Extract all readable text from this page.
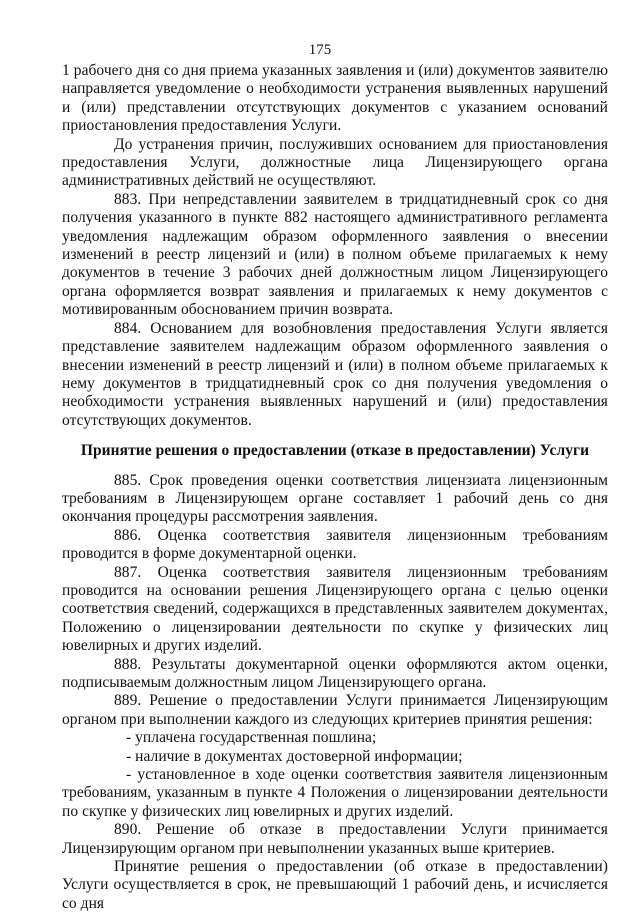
175

1 рабочего дня со дня приема указанных заявления и (или) документов заявителю направляется уведомление о необходимости устранения выявленных нарушений и (или) представлении отсутствующих документов с указанием оснований приостановления предоставления Услуги.

До устранения причин, послуживших основанием для приостановления предоставления Услуги, должностные лица Лицензирующего органа административных действий не осуществляют.

883. При непредставлении заявителем в тридцатидневный срок со дня получения указанного в пункте 882 настоящего административного регламента уведомления надлежащим образом оформленного заявления о внесении изменений в реестр лицензий и (или) в полном объеме прилагаемых к нему документов в течение 3 рабочих дней должностным лицом Лицензирующего органа оформляется возврат заявления и прилагаемых к нему документов с мотивированным обоснованием причин возврата.

884. Основанием для возобновления предоставления Услуги является представление заявителем надлежащим образом оформленного заявления о внесении изменений в реестр лицензий и (или) в полном объеме прилагаемых к нему документов в тридцатидневный срок со дня получения уведомления о необходимости устранения выявленных нарушений и (или) предоставления отсутствующих документов.

Принятие решения о предоставлении (отказе в предоставлении) Услуги

885. Срок проведения оценки соответствия лицензиата лицензионным требованиям в Лицензирующем органе составляет 1 рабочий день со дня окончания процедуры рассмотрения заявления.

886. Оценка соответствия заявителя лицензионным требованиям проводится в форме документарной оценки.

887. Оценка соответствия заявителя лицензионным требованиям проводится на основании решения Лицензирующего органа с целью оценки соответствия сведений, содержащихся в представленных заявителем документах, Положению о лицензировании деятельности по скупке у физических лиц ювелирных и других изделий.

888. Результаты документарной оценки оформляются актом оценки, подписываемым должностным лицом Лицензирующего органа.

889. Решение о предоставлении Услуги принимается Лицензирующим органом при выполнении каждого из следующих критериев принятия решения:

- уплачена государственная пошлина;

- наличие в документах достоверной информации;

- установленное в ходе оценки соответствия заявителя лицензионным требованиям, указанным в пункте 4 Положения о лицензировании деятельности по скупке у физических лиц ювелирных и других изделий.

890. Решение об отказе в предоставлении Услуги принимается Лицензирующим органом при невыполнении указанных выше критериев.

Принятие решения о предоставлении (об отказе в предоставлении) Услуги осуществляется в срок, не превышающий 1 рабочий день, и исчисляется со дня
